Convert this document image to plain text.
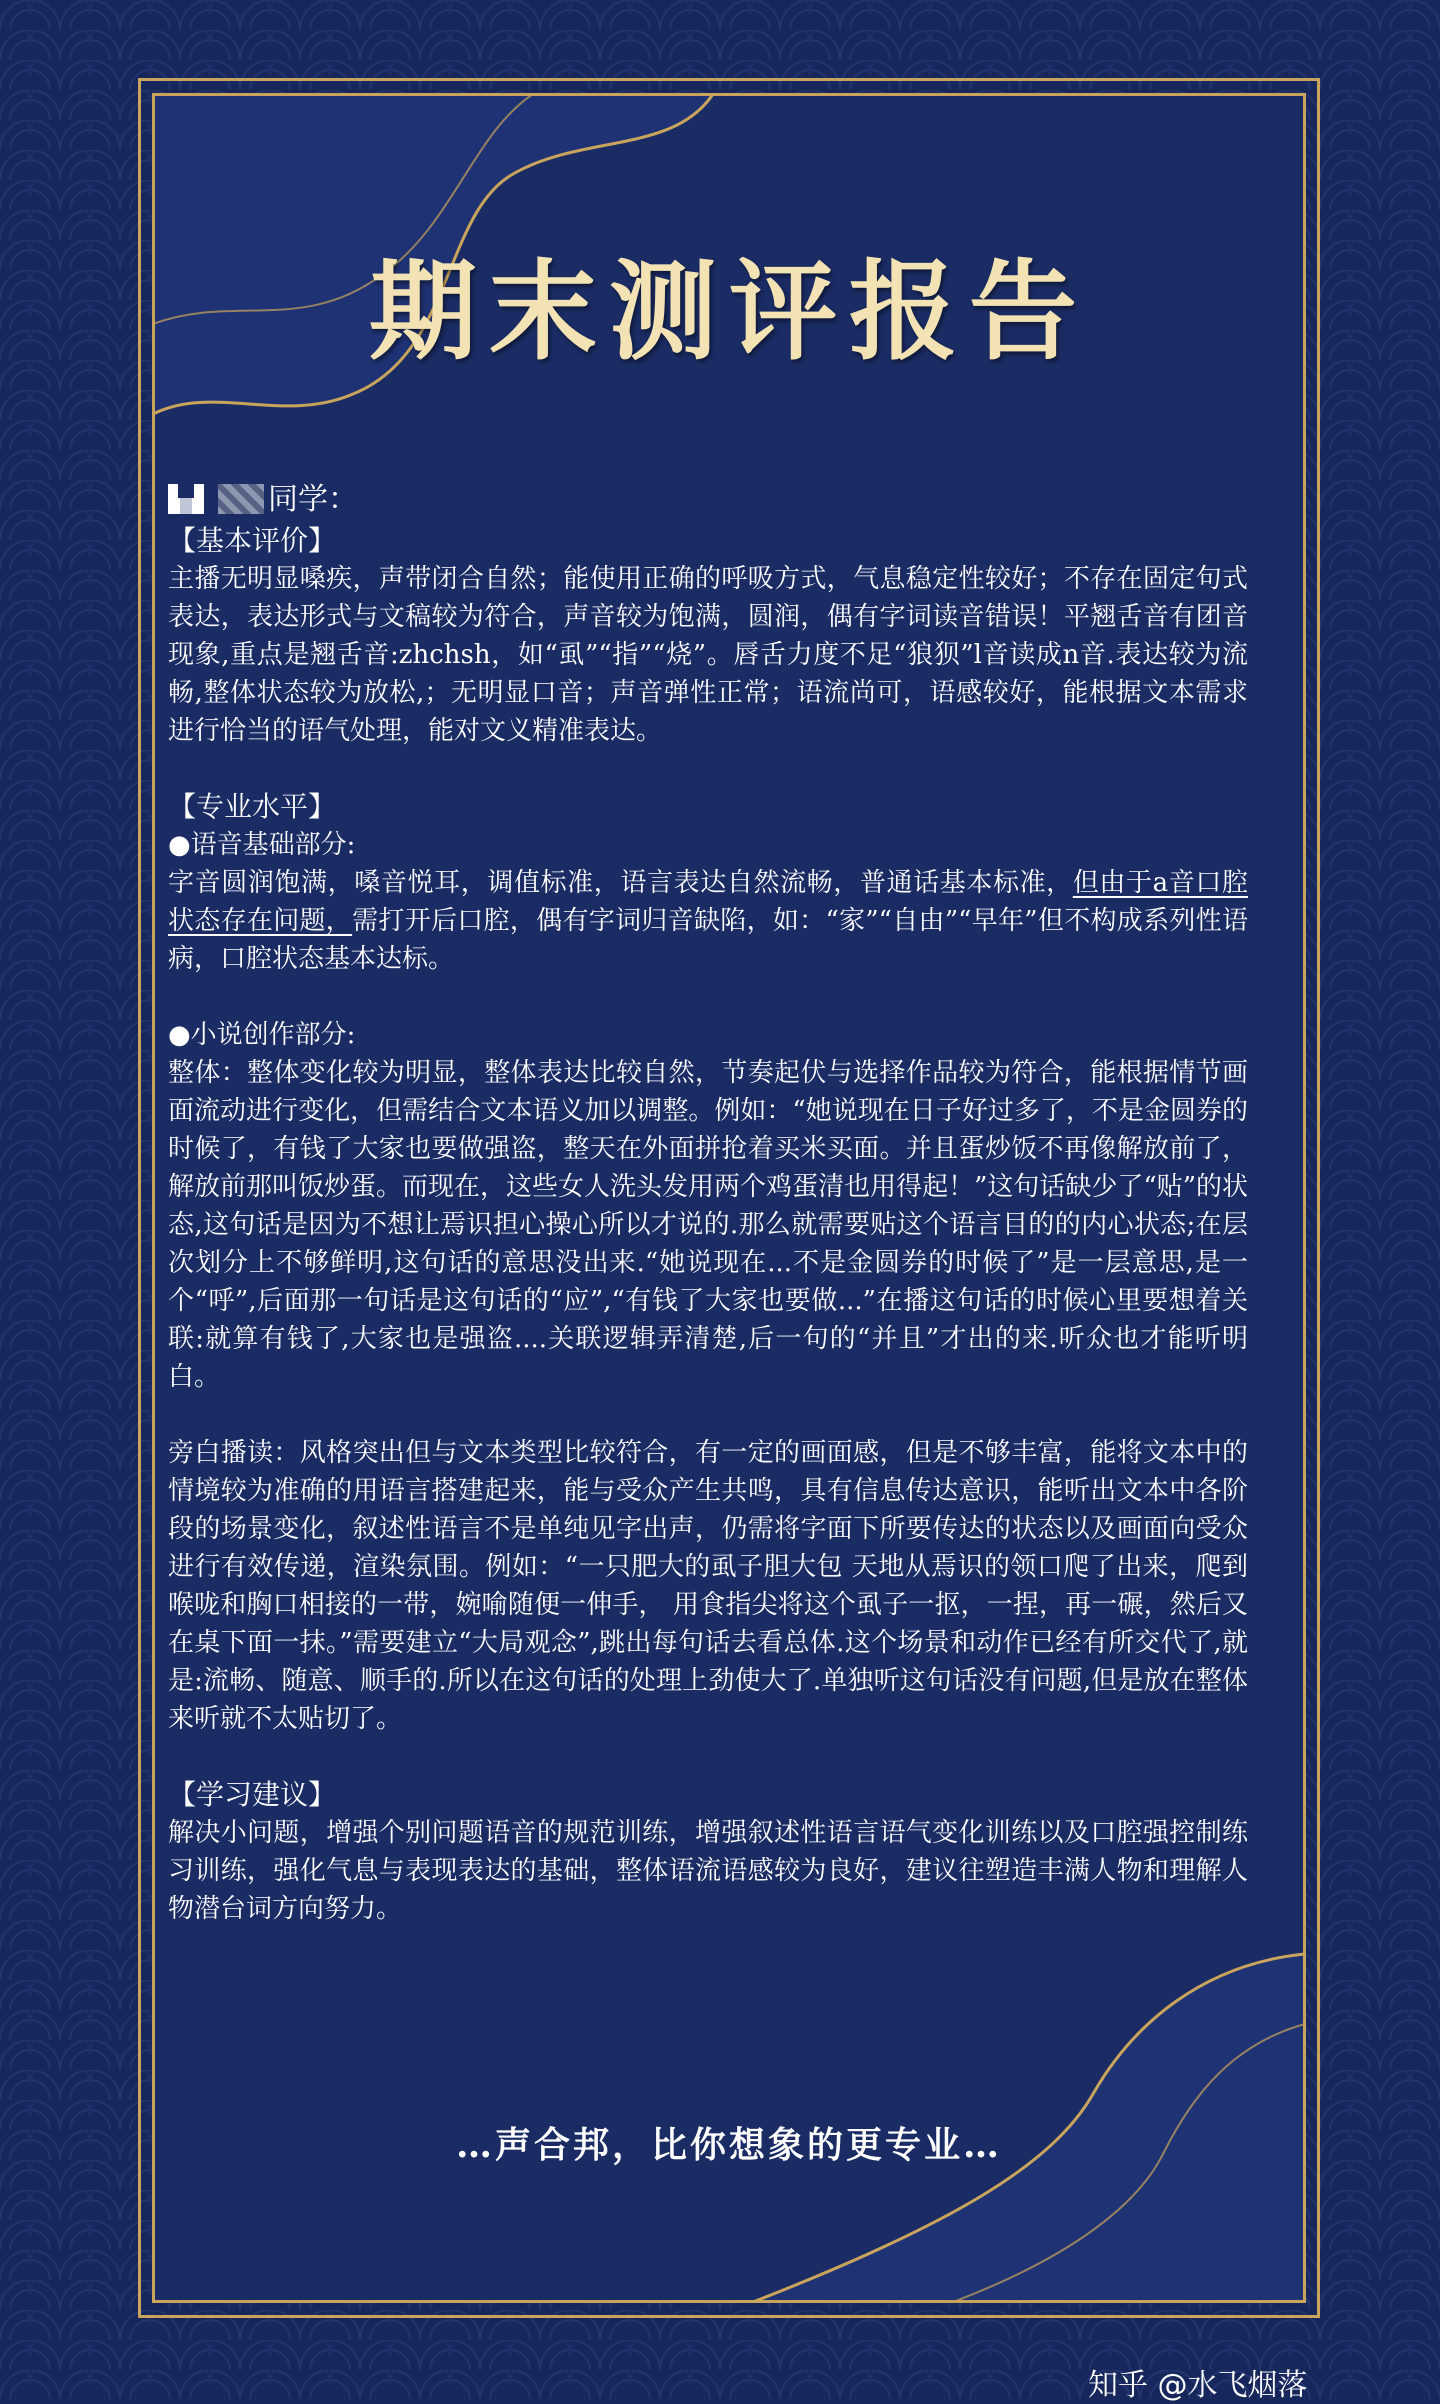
期末测评报告
同学：

【基本评价】

主播无明显嗓疾，声带闭合自然；能使用正确的呼吸方式，气息稳定性较好；不存在固定句式表达，表达形式与文稿较为符合，声音较为饱满，圆润，偶有字词读音错误！平翘舌音有团音现象,重点是翘舌音:zhchsh，如“虱”“指”“烧”。唇舌力度不足“狼狈”l音读成n音.表达较为流畅,整体状态较为放松,；无明显口音；声音弹性正常；语流尚可，语感较好，能根据文本需求进行恰当的语气处理，能对文义精准表达。

【专业水平】

●语音基础部分:

字音圆润饱满，嗓音悦耳，调值标准，语言表达自然流畅，普通话基本标准，但由于a音口腔状态存在问题，需打开后口腔，偶有字词归音缺陷，如：“家”“自由”“早年”但不构成系列性语病，口腔状态基本达标。

●小说创作部分:

整体：整体变化较为明显，整体表达比较自然，节奏起伏与选择作品较为符合，能根据情节画面流动进行变化，但需结合文本语义加以调整。例如：“她说现在日子好过多了，不是金圆券的时候了，有钱了大家也要做强盗，整天在外面拼抢着买米买面。并且蛋炒饭不再像解放前了，解放前那叫饭炒蛋。而现在，这些女人洗头发用两个鸡蛋清也用得起！”这句话缺少了“贴”的状态,这句话是因为不想让焉识担心操心所以才说的.那么就需要贴这个语言目的的内心状态;在层次划分上不够鲜明,这句话的意思没出来.“她说现在...不是金圆券的时候了”是一层意思,是一个“呼”,后面那一句话是这句话的“应”,“有钱了大家也要做...”在播这句话的时候心里要想着关联:就算有钱了,大家也是强盗....关联逻辑弄清楚,后一句的“并且”才出的来.听众也才能听明白。

旁白播读：风格突出但与文本类型比较符合，有一定的画面感，但是不够丰富，能将文本中的情境较为准确的用语言搭建起来，能与受众产生共鸣，具有信息传达意识，能听出文本中各阶段的场景变化，叙述性语言不是单纯见字出声，仍需将字面下所要传达的状态以及画面向受众进行有效传递，渲染氛围。例如：“一只肥大的虱子胆大包 天地从焉识的领口爬了出来，爬到喉咙和胸口相接的一带，婉喻随便一伸手， 用食指尖将这个虱子一抠，一捏，再一碾，然后又在桌下面一抹。”需要建立“大局观念”,跳出每句话去看总体.这个场景和动作已经有所交代了,就是:流畅、随意、顺手的.所以在这句话的处理上劲使大了.单独听这句话没有问题,但是放在整体来听就不太贴切了。

【学习建议】

解决小问题，增强个别问题语音的规范训练，增强叙述性语言语气变化训练以及口腔强控制练习训练，强化气息与表现表达的基础，整体语流语感较为良好，建议往塑造丰满人物和理解人物潜台词方向努力。

…声合邦，比你想象的更专业…
知乎 @水飞烟落
